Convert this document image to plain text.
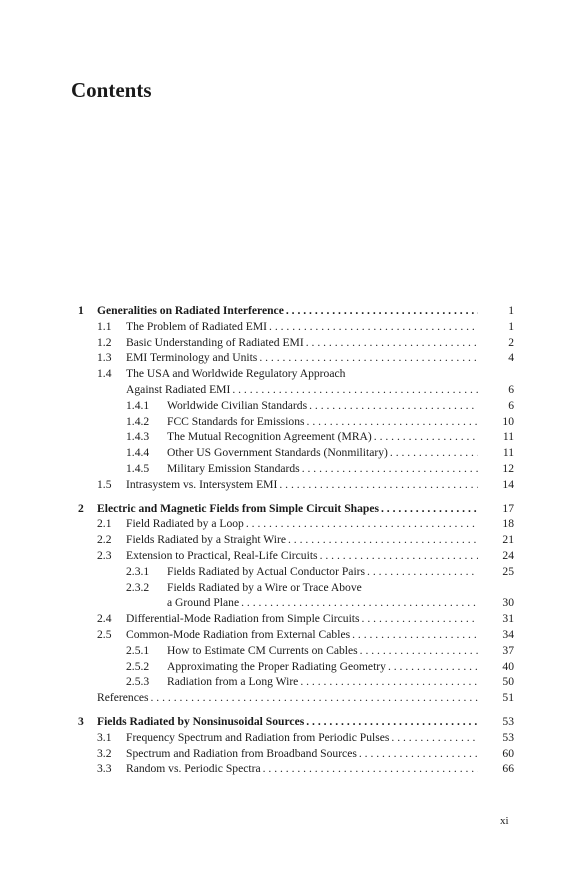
Contents
1 Generalities on Radiated Interference . . .	1
1.1 The Problem of Radiated EMI . . .	1
1.2 Basic Understanding of Radiated EMI . . .	2
1.3 EMI Terminology and Units . . .	4
1.4 The USA and Worldwide Regulatory Approach
Against Radiated EMI . . .	6
1.4.1 Worldwide Civilian Standards . . .	6
1.4.2 FCC Standards for Emissions . . .	10
1.4.3 The Mutual Recognition Agreement (MRA) . . .	11
1.4.4 Other US Government Standards (Nonmilitary) . . .	11
1.4.5 Military Emission Standards . . .	12
1.5 Intrasystem vs. Intersystem EMI . . .	14
2 Electric and Magnetic Fields from Simple Circuit Shapes . . .	17
2.1 Field Radiated by a Loop . . .	18
2.2 Fields Radiated by a Straight Wire . . .	21
2.3 Extension to Practical, Real-Life Circuits . . .	24
2.3.1 Fields Radiated by Actual Conductor Pairs . . .	25
2.3.2 Fields Radiated by a Wire or Trace Above
a Ground Plane . . .	30
2.4 Differential-Mode Radiation from Simple Circuits . . .	31
2.5 Common-Mode Radiation from External Cables . . .	34
2.5.1 How to Estimate CM Currents on Cables . . .	37
2.5.2 Approximating the Proper Radiating Geometry . . .	40
2.5.3 Radiation from a Long Wire . . .	50
References . . .	51
3 Fields Radiated by Nonsinusoidal Sources . . .	53
3.1 Frequency Spectrum and Radiation from Periodic Pulses . . .	53
3.2 Spectrum and Radiation from Broadband Sources . . .	60
3.3 Random vs. Periodic Spectra . . .	66
xi
